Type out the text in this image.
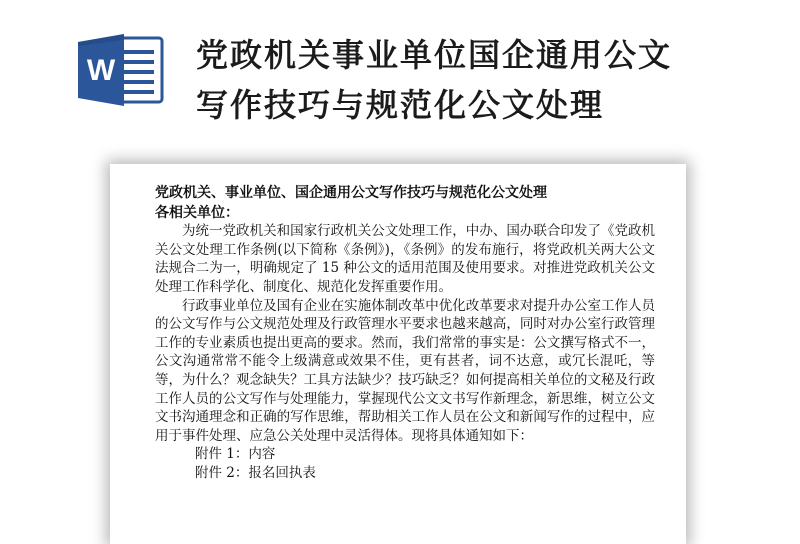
W	党政机关事业单位国企通用公文
写作技巧与规范化公文处理
党政机关、事业单位、国企通用公文写作技巧与规范化公文处理
各相关单位：

为统一党政机关和国家行政机关公文处理工作，中办、国办联合印发了《党政机关公文处理工作条例(以下简称《条例》)，《条例》的发布施行，将党政机关两大公文法规合二为一，明确规定了 15 种公文的适用范围及使用要求。对推进党政机关公文处理工作科学化、制度化、规范化发挥重要作用。

行政事业单位及国有企业在实施体制改革中优化改革要求对提升办公室工作人员的公文写作与公文规范处理及行政管理水平要求也越来越高，同时对办公室行政管理工作的专业素质也提出更高的要求。然而，我们常常的事实是：公文撰写格式不一，公文沟通常常不能令上级满意或效果不佳，更有甚者，词不达意，或冗长混吒，等等，为什么？观念缺失？工具方法缺少？技巧缺乏？如何提高相关单位的文秘及行政工作人员的公文写作与处理能力，掌握现代公文文书写作新理念，新思维，树立公文文书沟通理念和正确的写作思维，帮助相关工作人员在公文和新闻写作的过程中，应用于事件处理、应急公关处理中灵活得体。现将具体通知如下：

附件 1：内容

附件 2：报名回执表
